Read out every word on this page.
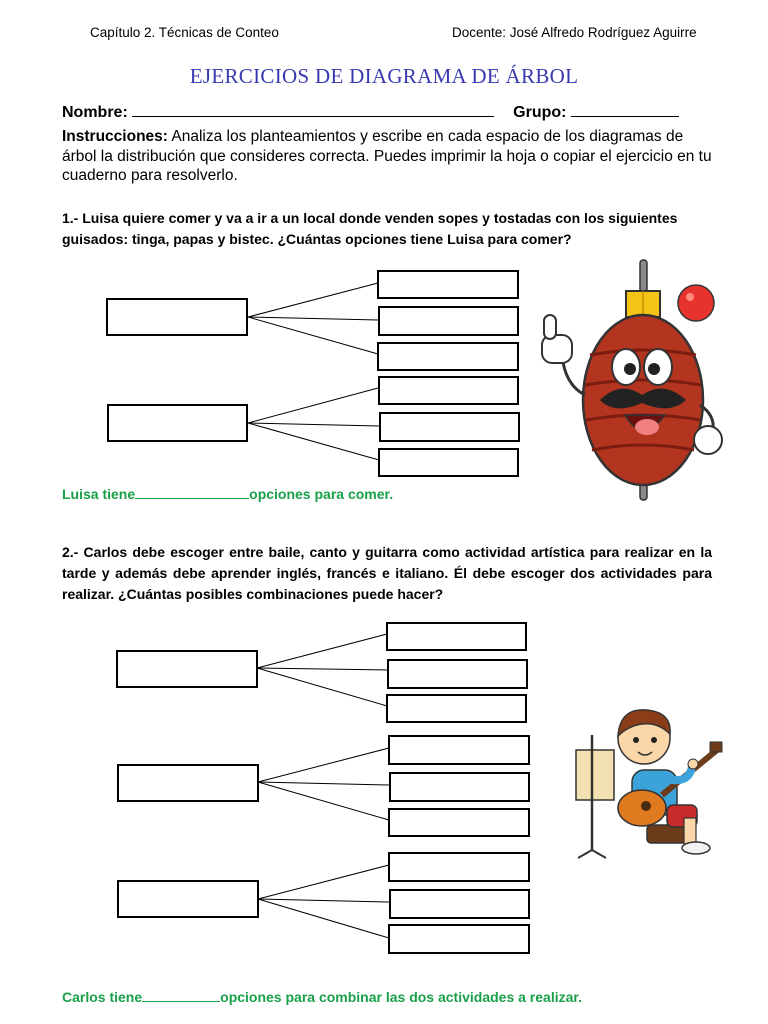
Capítulo 2. Técnicas de Conteo	Docente: José Alfredo Rodríguez Aguirre
EJERCICIOS DE DIAGRAMA DE ÁRBOL
Nombre:	Grupo:
Instrucciones: Analiza los planteamientos y escribe en cada espacio de los diagramas de árbol la distribución que consideres correcta. Puedes imprimir la hoja o copiar el ejercicio en tu cuaderno para resolverlo.
1.- Luisa quiere comer y va a ir a un local donde venden sopes y tostadas con los siguientes guisados: tinga, papas y bistec. ¿Cuántas opciones tiene Luisa para comer?
Luisa tiene	opciones para comer.
2.- Carlos debe escoger entre baile, canto y guitarra como actividad artística para realizar en la tarde y además debe aprender inglés, francés e italiano. Él debe escoger dos actividades para realizar. ¿Cuántas posibles combinaciones puede hacer?
Carlos tiene	opciones para combinar las dos actividades a realizar.
